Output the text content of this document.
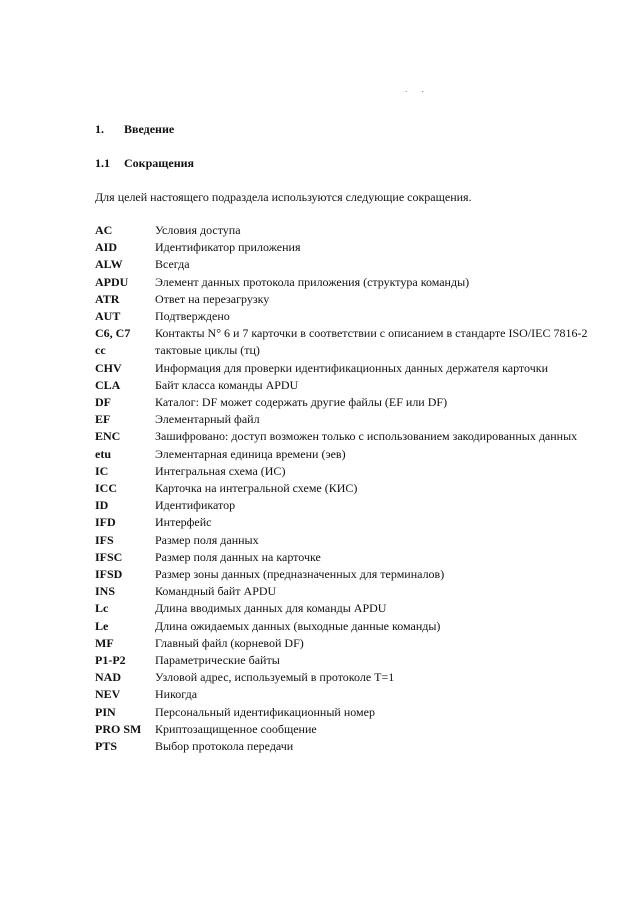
. .
1. Введение
1.1 Сокращения
Для целей настоящего подраздела используются следующие сокращения.
AC	Условия доступа
AID	Идентификатор приложения
ALW	Всегда
APDU	Элемент данных протокола приложения (структура команды)
ATR	Ответ на перезагрузку
AUT	Подтверждено
C6, C7	Контакты N° 6 и 7 карточки в соответствии с описанием в стандарте ISO/IEC 7816-2
cc	тактовые циклы (тц)
CHV	Информация для проверки идентификационных данных держателя карточки
CLA	Байт класса команды APDU
DF	Каталог: DF может содержать другие файлы (EF или DF)
EF	Элементарный файл
ENC	Зашифровано: доступ возможен только с использованием закодированных данных
etu	Элементарная единица времени (эев)
IC	Интегральная схема (ИС)
ICC	Карточка на интегральной схеме (КИС)
ID	Идентификатор
IFD	Интерфейс
IFS	Размер поля данных
IFSC	Размер поля данных на карточке
IFSD	Размер зоны данных (предназначенных для терминалов)
INS	Командный байт APDU
Lc	Длина вводимых данных для команды APDU
Le	Длина ожидаемых данных (выходные данные команды)
MF	Главный файл (корневой DF)
P1-P2	Параметрические байты
NAD	Узловой адрес, используемый в протоколе T=1
NEV	Никогда
PIN	Персональный идентификационный номер
PRO SM	Криптозащищенное сообщение
PTS	Выбор протокола передачи
